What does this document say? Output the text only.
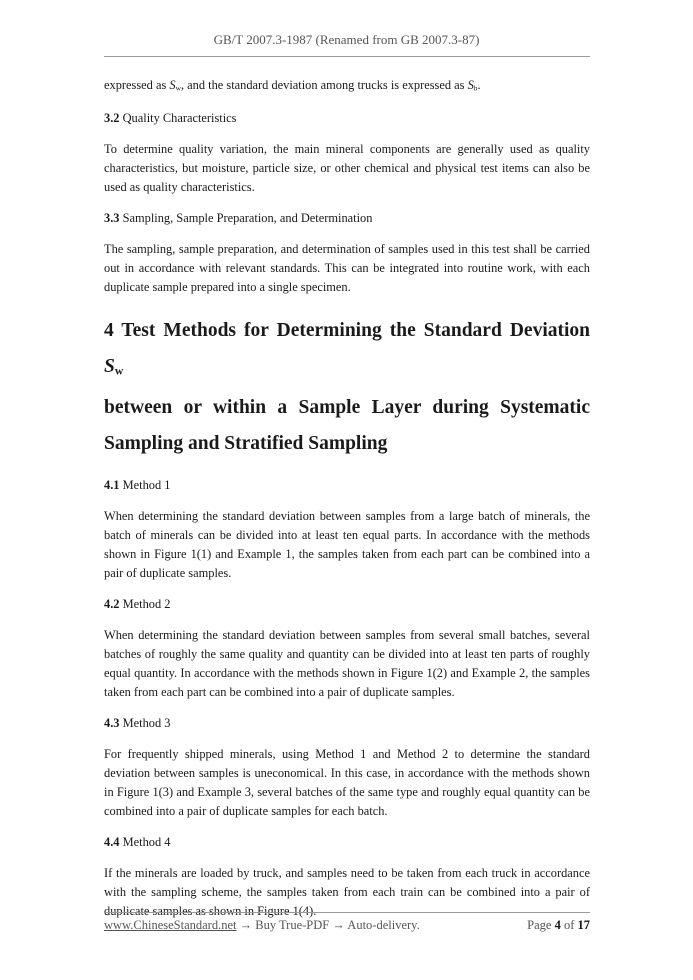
GB/T 2007.3-1987 (Renamed from GB 2007.3-87)

expressed as $S_w$, and the standard deviation among trucks is expressed as $S_b$.

3.2 Quality Characteristics

To determine quality variation, the main mineral components are generally used as quality characteristics, but moisture, particle size, or other chemical and physical test items can also be used as quality characteristics.

3.3 Sampling, Sample Preparation, and Determination

The sampling, sample preparation, and determination of samples used in this test shall be carried out in accordance with relevant standards. This can be integrated into routine work, with each duplicate sample prepared into a single specimen.

4 Test Methods for Determining the Standard Deviation $S_w$
between or within a Sample Layer during Systematic
Sampling and Stratified Sampling
4.1 Method 1

When determining the standard deviation between samples from a large batch of minerals, the batch of minerals can be divided into at least ten equal parts. In accordance with the methods shown in Figure 1(1) and Example 1, the samples taken from each part can be combined into a pair of duplicate samples.

4.2 Method 2

When determining the standard deviation between samples from several small batches, several batches of roughly the same quality and quantity can be divided into at least ten parts of roughly equal quantity. In accordance with the methods shown in Figure 1(2) and Example 2, the samples taken from each part can be combined into a pair of duplicate samples.

4.3 Method 3

For frequently shipped minerals, using Method 1 and Method 2 to determine the standard deviation between samples is uneconomical. In this case, in accordance with the methods shown in Figure 1(3) and Example 3, several batches of the same type and roughly equal quantity can be combined into a pair of duplicate samples for each batch.

4.4 Method 4

If the minerals are loaded by truck, and samples need to be taken from each truck in accordance with the sampling scheme, the samples taken from each train can be combined into a pair of duplicate samples as shown in Figure 1(4).

www.ChineseStandard.net → Buy True-PDF → Auto-delivery.	Page 4 of 17
